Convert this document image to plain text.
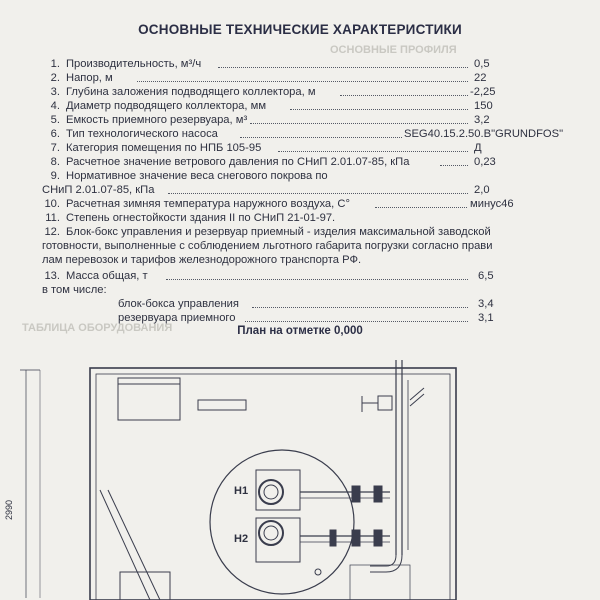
ОСНОВНЫЕ ПРОФИЛЯ
ТАБЛИЦА ОБОРУДОВАНИЯ
ОСНОВНЫЕ ТЕХНИЧЕСКИЕ ХАРАКТЕРИСТИКИ
1. Производительность, м³/ч	0,5
2. Напор, м	22
3. Глубина заложения подводящего коллектора, м	-2,25
4. Диаметр подводящего коллектора, мм	150
5. Емкость приемного резервуара, м³	3,2
6. Тип технологического насоса	SEG40.15.2.50.В"GRUNDFOS"
7. Категория помещения по НПБ 105-95	Д
8. Расчетное значение ветрового давления по СНиП 2.01.07-85, кПа	0,23
9. Нормативное значение веса снегового покрова по
СНиП 2.01.07-85, кПа	2,0
10. Расчетная зимняя температура наружного воздуха, С°	минус46
11. Степень огнестойкости здания II по СНиП 21-01-97.
12. Блок-бокс управления и резервуар приемный - изделия максимальной заводской
готовности, выполненные с соблюдением льготного габарита погрузки согласно прави
лам перевозок и тарифов железнодорожного транспорта РФ.
13. Масса общая, т	6,5
в том числе:
блок-бокса управления	3,4
резервуара приемного	3,1
План на отметке 0,000
2990
Н1
Н2
